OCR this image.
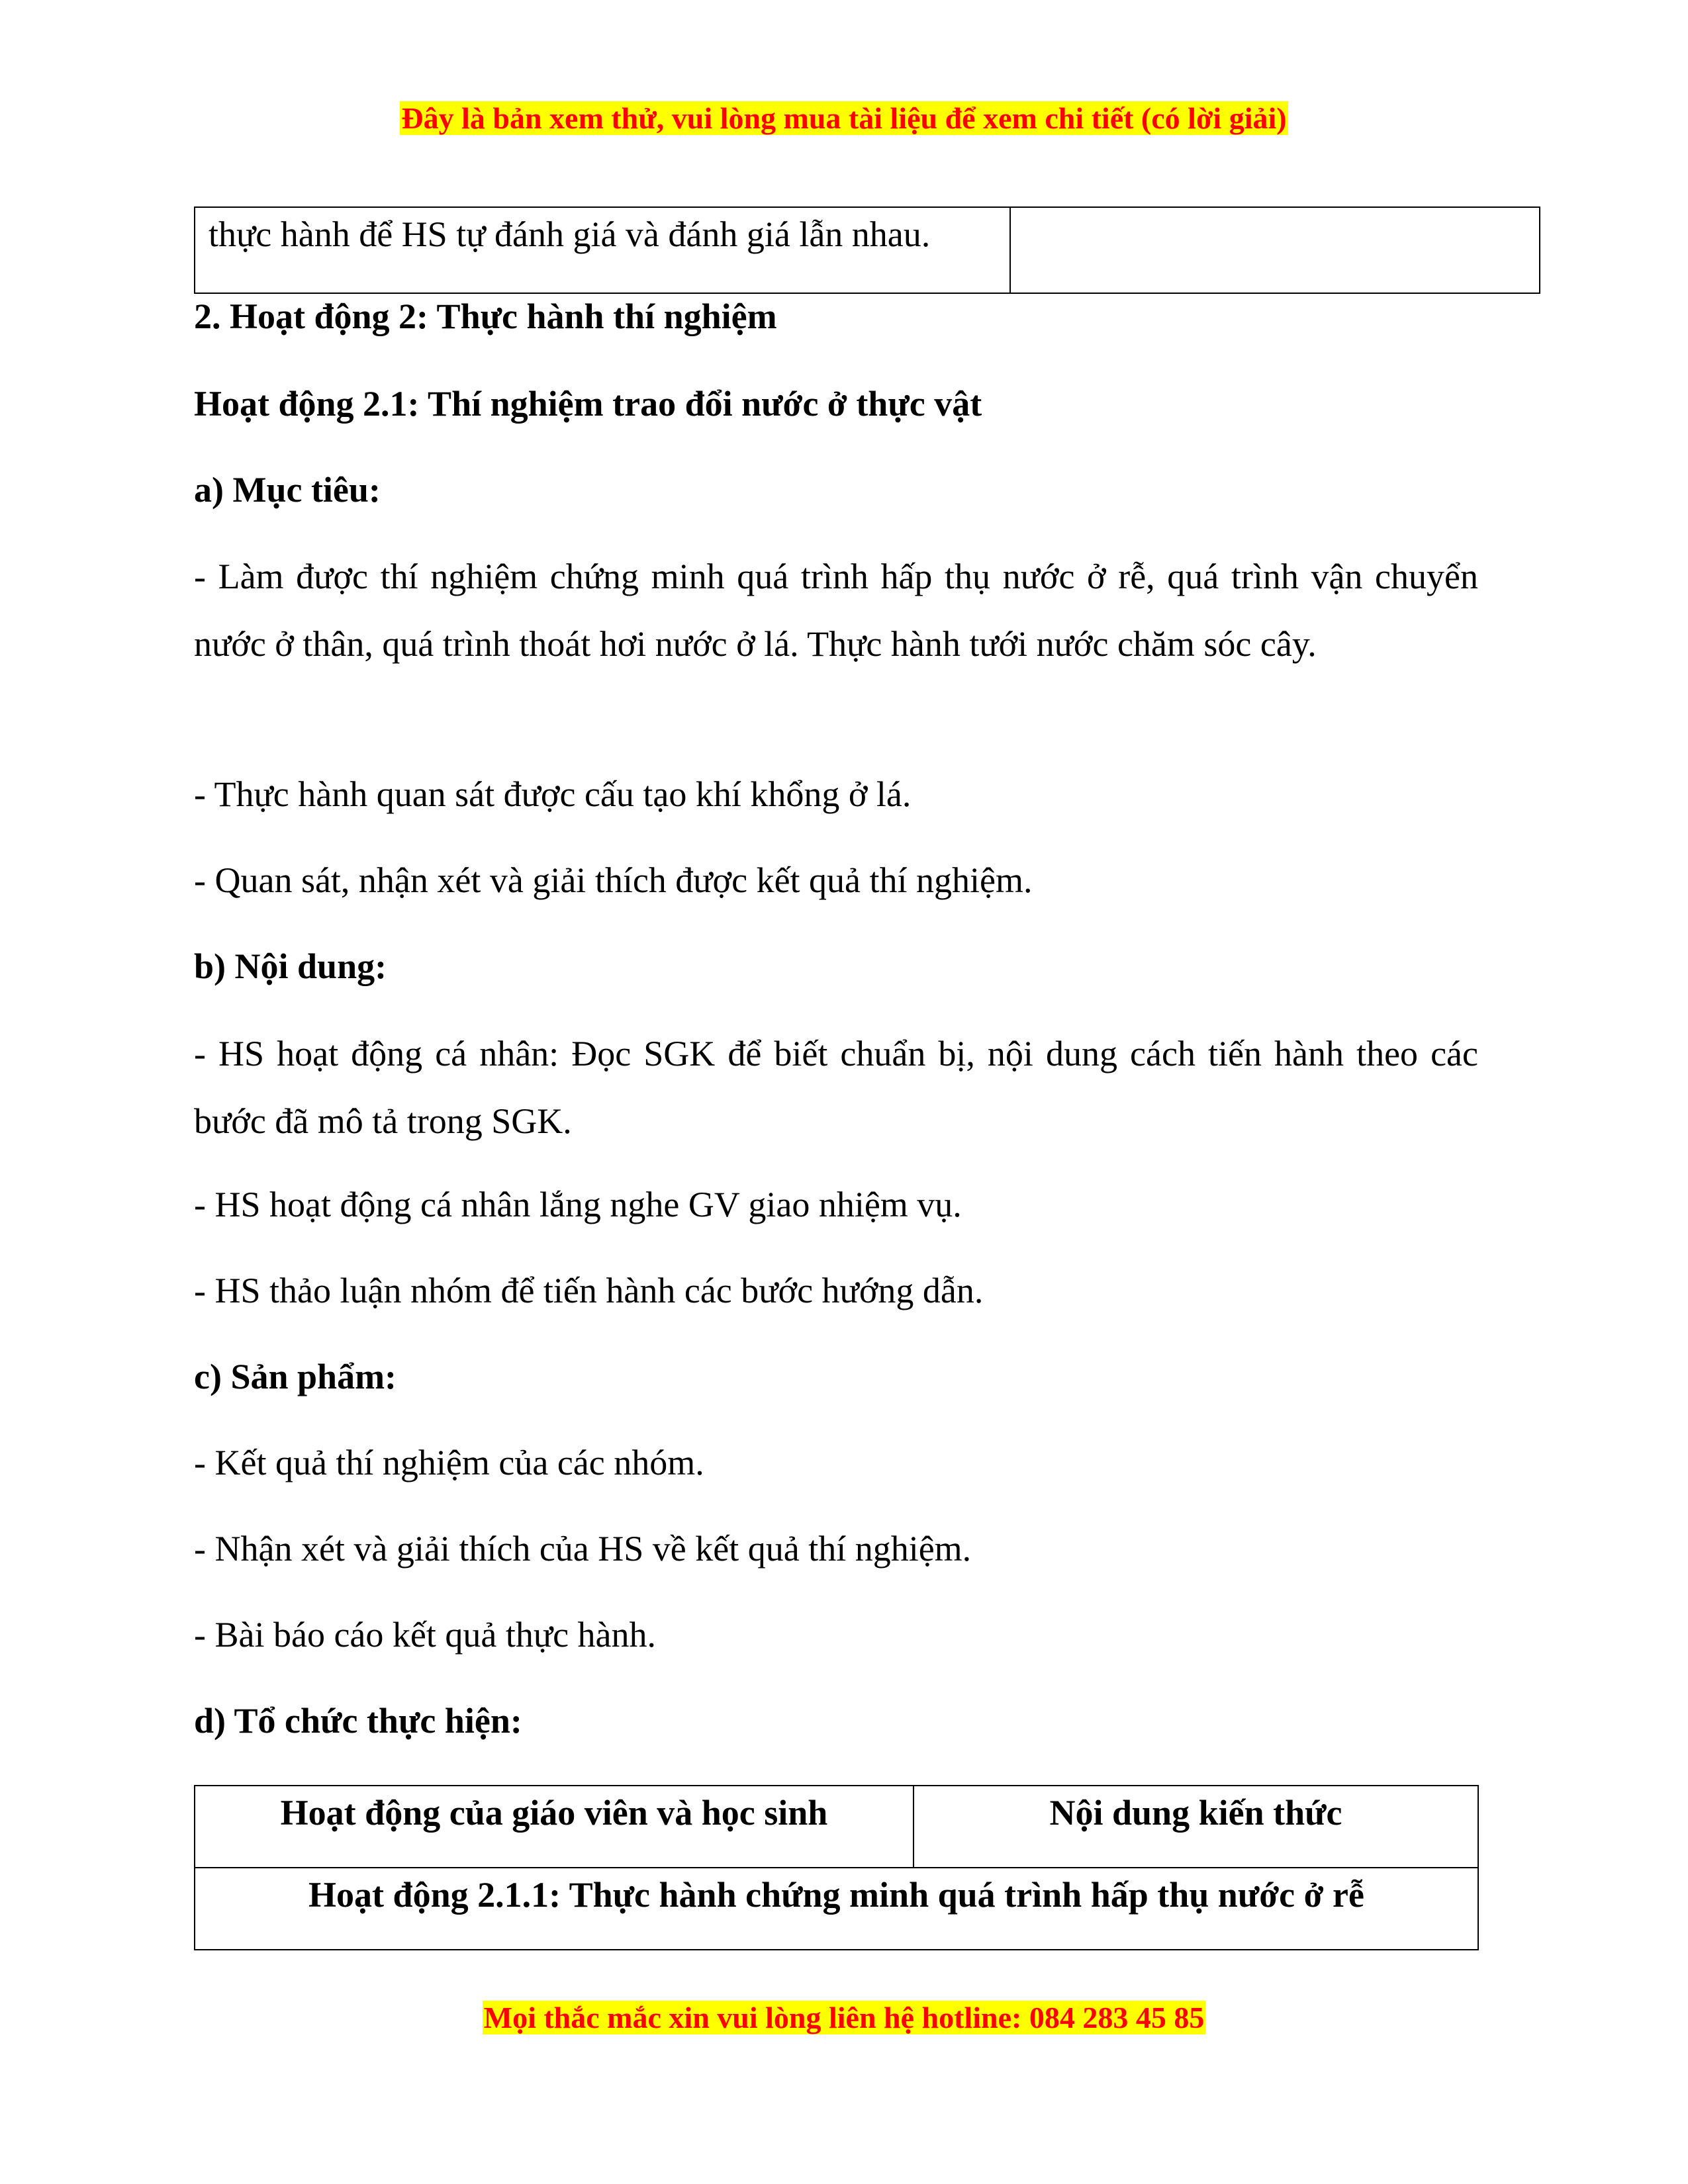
Đây là bản xem thử, vui lòng mua tài liệu để xem chi tiết (có lời giải)
thực hành để HS tự đánh giá và đánh giá lẫn nhau.

2. Hoạt động 2: Thực hành thí nghiệm

Hoạt động 2.1: Thí nghiệm trao đổi nước ở thực vật

a) Mục tiêu:

- Làm được thí nghiệm chứng minh quá trình hấp thụ nước ở rễ, quá trình vận chuyển nước ở thân, quá trình thoát hơi nước ở lá. Thực hành tưới nước chăm sóc cây.

- Thực hành quan sát được cấu tạo khí khổng ở lá.

- Quan sát, nhận xét và giải thích được kết quả thí nghiệm.

b) Nội dung:

- HS hoạt động cá nhân: Đọc SGK để biết chuẩn bị, nội dung cách tiến hành theo các bước đã mô tả trong SGK.

- HS hoạt động cá nhân lắng nghe GV giao nhiệm vụ.

- HS thảo luận nhóm để tiến hành các bước hướng dẫn.

c) Sản phẩm:

- Kết quả thí nghiệm của các nhóm.

- Nhận xét và giải thích của HS về kết quả thí nghiệm.

- Bài báo cáo kết quả thực hành.

d) Tổ chức thực hiện:

Hoạt động của giáo viên và học sinh	Nội dung kiến thức
Hoạt động 2.1.1: Thực hành chứng minh quá trình hấp thụ nước ở rễ
Mọi thắc mắc xin vui lòng liên hệ hotline: 084 283 45 85
